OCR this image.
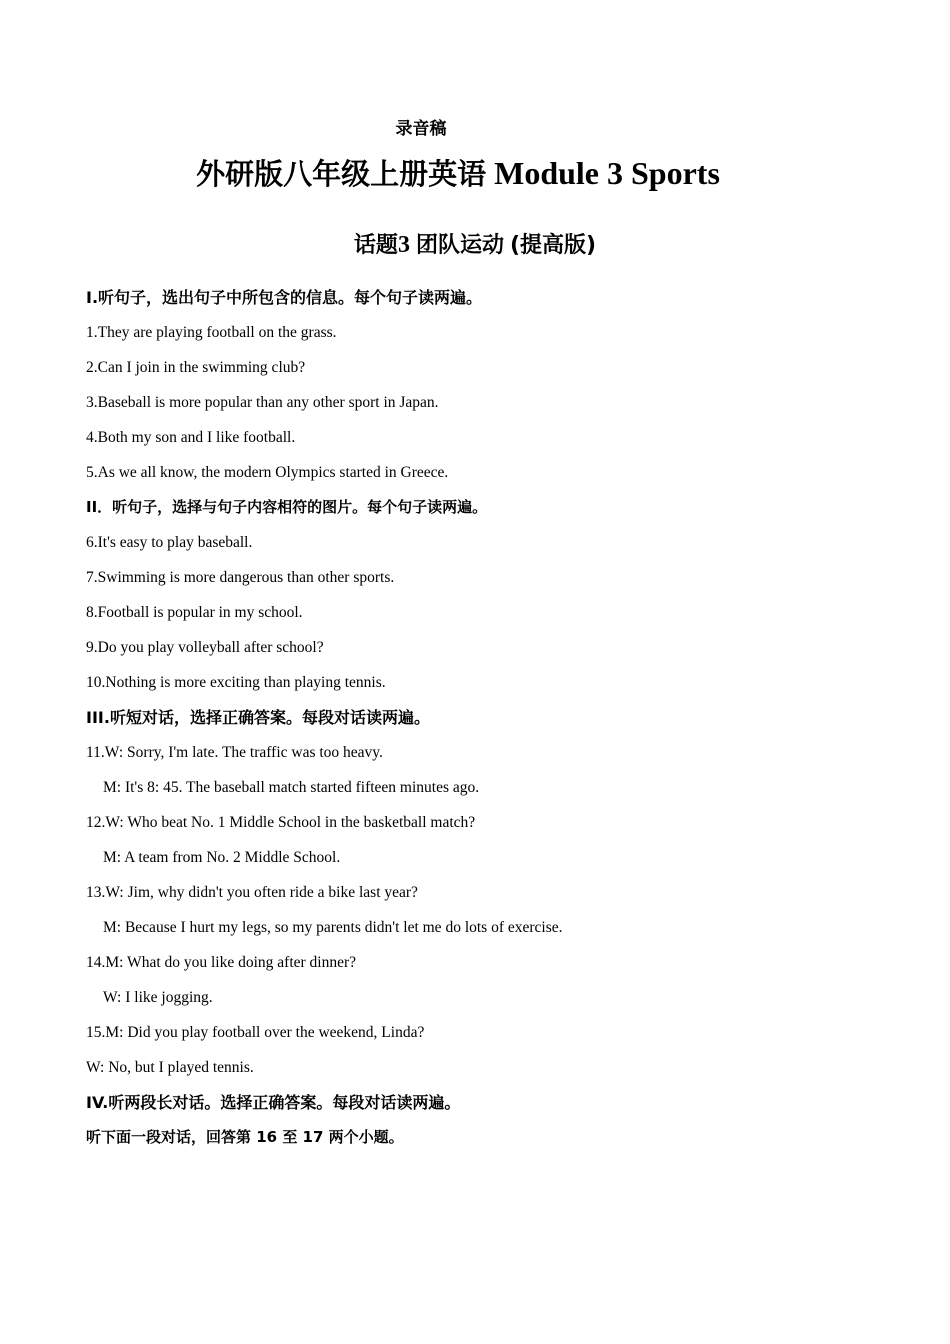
录音稿
外研版八年级上册英语 Module 3 Sports
话题3 团队运动 (提高版)
I.听句子，选出句子中所包含的信息。每个句子读两遍。
1.They are playing football on the grass.
2.Can I join in the swimming club?
3.Baseball is more popular than any other sport in Japan.
4.Both my son and I like football.
5.As we all know, the modern Olympics started in Greece.
II．听句子，选择与句子内容相符的图片。每个句子读两遍。
6.It's easy to play baseball.
7.Swimming is more dangerous than other sports.
8.Football is popular in my school.
9.Do you play volleyball after school?
10.Nothing is more exciting than playing tennis.
III.听短对话，选择正确答案。每段对话读两遍。
11.W: Sorry, I'm late. The traffic was too heavy.
M: It's 8: 45. The baseball match started fifteen minutes ago.
12.W: Who beat No. 1 Middle School in the basketball match?
M: A team from No. 2 Middle School.
13.W: Jim, why didn't you often ride a bike last year?
M: Because I hurt my legs, so my parents didn't let me do lots of exercise.
14.M: What do you like doing after dinner?
W: I like jogging.
15.M: Did you play football over the weekend, Linda?
W: No, but I played tennis.
IV.听两段长对话。选择正确答案。每段对话读两遍。
听下面一段对话，回答第 16 至 17 两个小题。
